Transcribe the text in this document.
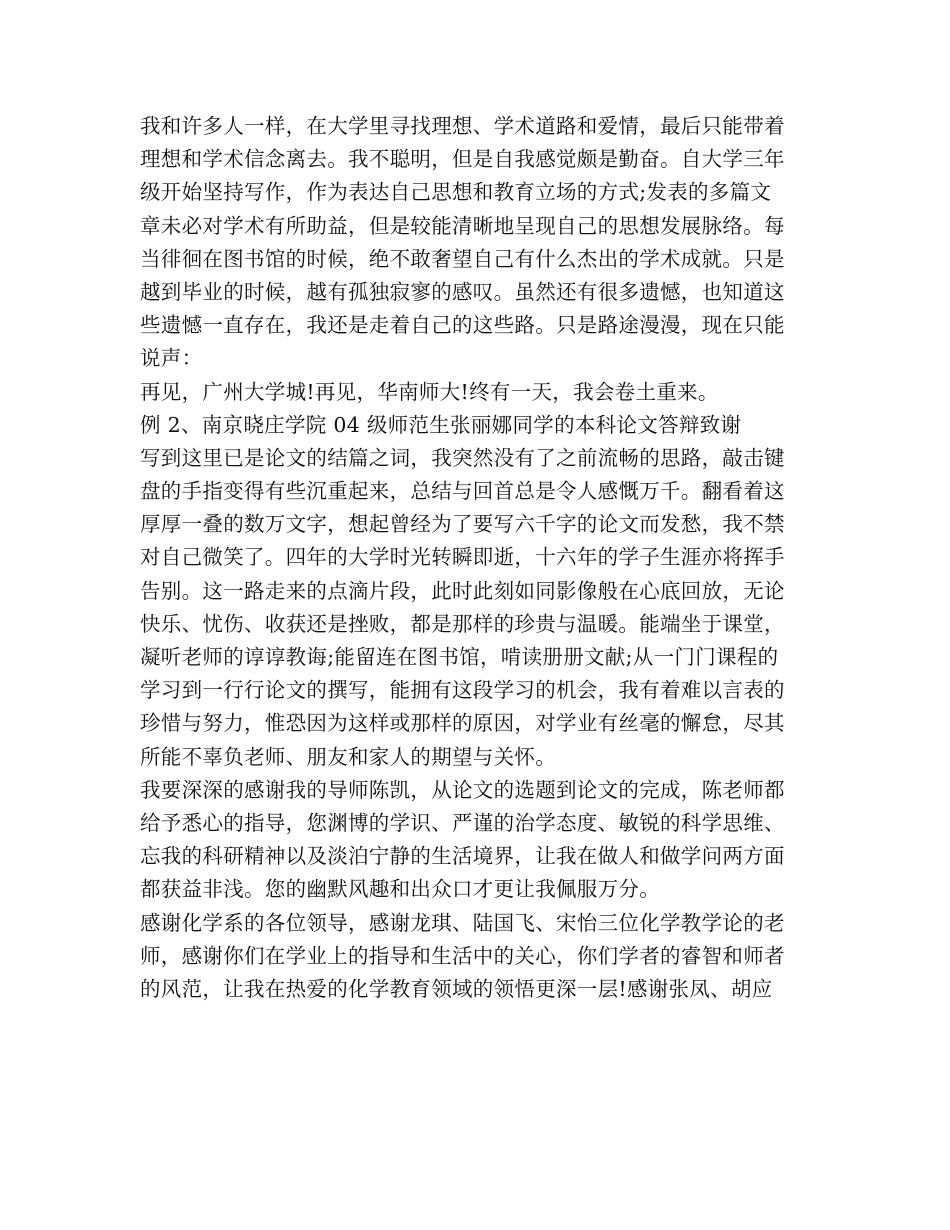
我和许多人一样，在大学里寻找理想、学术道路和爱情，最后只能带着
理想和学术信念离去。我不聪明，但是自我感觉颇是勤奋。自大学三年
级开始坚持写作，作为表达自己思想和教育立场的方式;发表的多篇文
章未必对学术有所助益，但是较能清晰地呈现自己的思想发展脉络。每
当徘徊在图书馆的时候，绝不敢奢望自己有什么杰出的学术成就。只是
越到毕业的时候，越有孤独寂寥的感叹。虽然还有很多遗憾，也知道这
些遗憾一直存在，我还是走着自己的这些路。只是路途漫漫，现在只能
说声：
再见，广州大学城!再见，华南师大!终有一天，我会卷土重来。
例 2、南京晓庄学院 04 级师范生张丽娜同学的本科论文答辩致谢
写到这里已是论文的结篇之词，我突然没有了之前流畅的思路，敲击键
盘的手指变得有些沉重起来，总结与回首总是令人感慨万千。翻看着这
厚厚一叠的数万文字，想起曾经为了要写六千字的论文而发愁，我不禁
对自己微笑了。四年的大学时光转瞬即逝，十六年的学子生涯亦将挥手
告别。这一路走来的点滴片段，此时此刻如同影像般在心底回放，无论
快乐、忧伤、收获还是挫败，都是那样的珍贵与温暖。能端坐于课堂，
凝听老师的谆谆教诲;能留连在图书馆，啃读册册文献;从一门门课程的
学习到一行行论文的撰写，能拥有这段学习的机会，我有着难以言表的
珍惜与努力，惟恐因为这样或那样的原因，对学业有丝毫的懈怠，尽其
所能不辜负老师、朋友和家人的期望与关怀。
我要深深的感谢我的导师陈凯，从论文的选题到论文的完成，陈老师都
给予悉心的指导，您渊博的学识、严谨的治学态度、敏锐的科学思维、
忘我的科研精神以及淡泊宁静的生活境界，让我在做人和做学问两方面
都获益非浅。您的幽默风趣和出众口才更让我佩服万分。
感谢化学系的各位领导，感谢龙琪、陆国飞、宋怡三位化学教学论的老
师，感谢你们在学业上的指导和生活中的关心，你们学者的睿智和师者
的风范，让我在热爱的化学教育领域的领悟更深一层!感谢张凤、胡应
